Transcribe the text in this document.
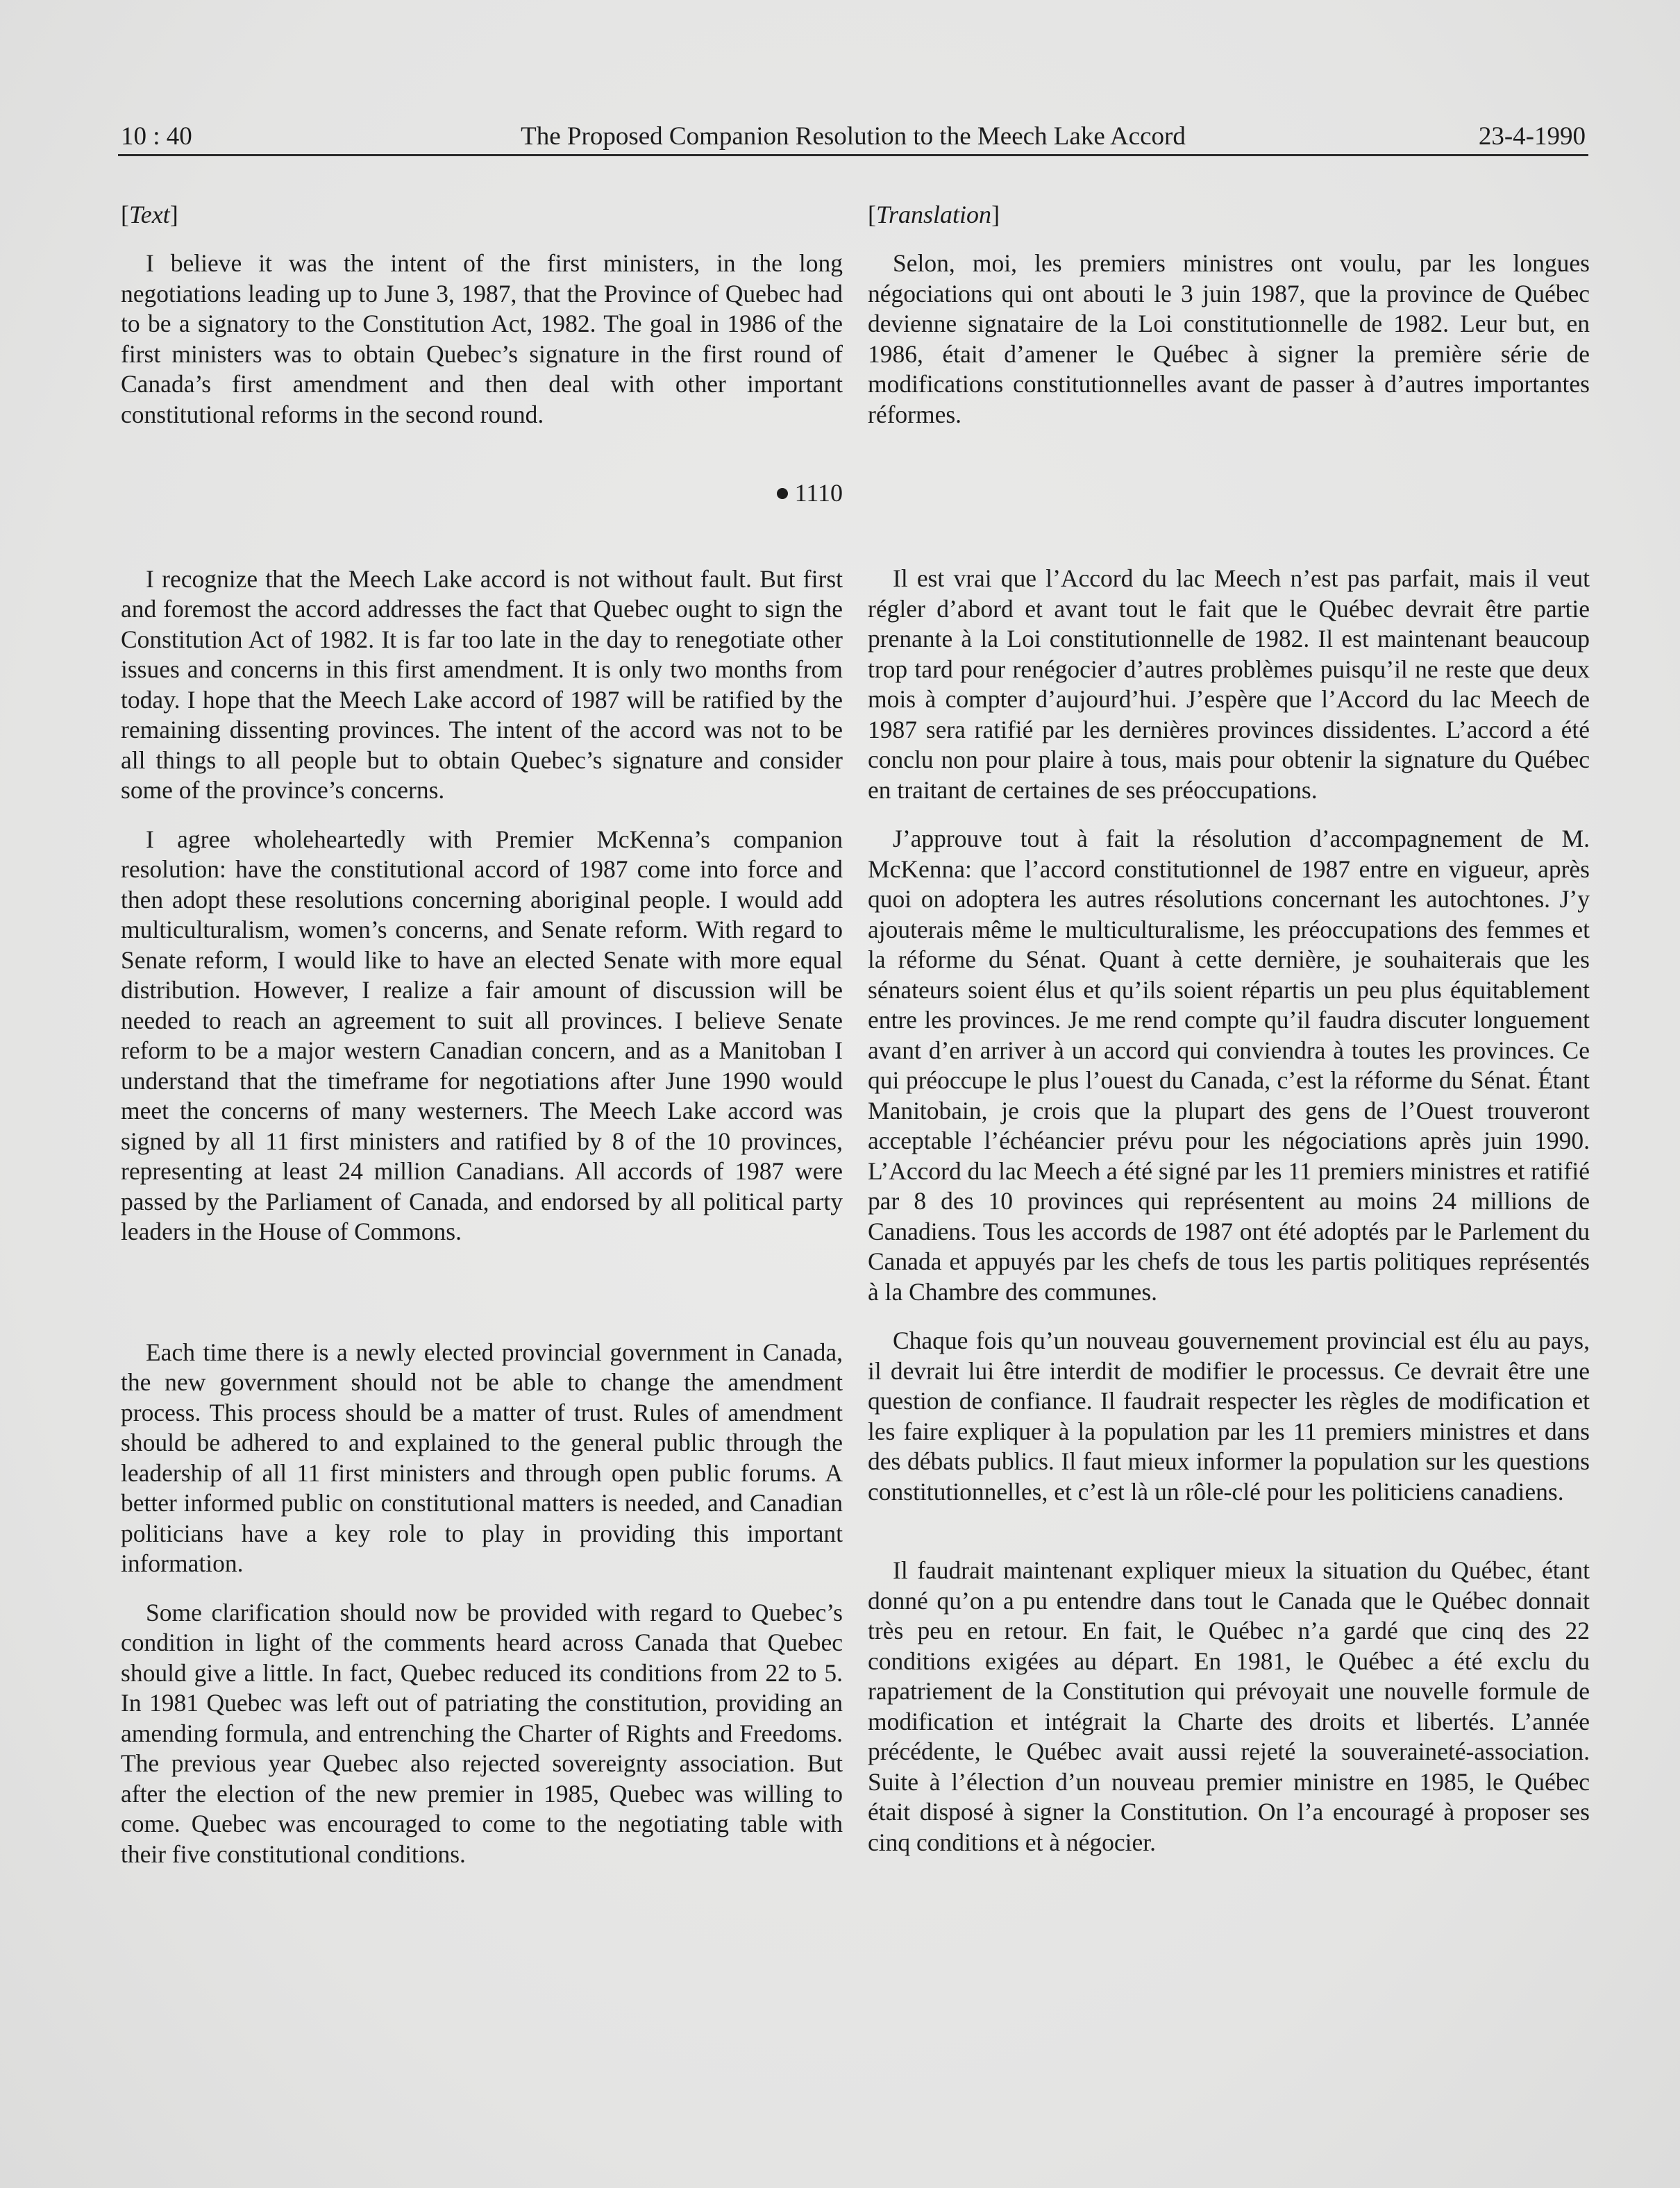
10 : 40	The Proposed Companion Resolution to the Meech Lake Accord	23-4-1990
[Text]

I believe it was the intent of the first ministers, in the long negotiations leading up to June 3, 1987, that the Province of Quebec had to be a signatory to the Constitution Act, 1982. The goal in 1986 of the first ministers was to obtain Quebec’s signature in the first round of Canada’s first amendment and then deal with other important constitutional reforms in the second round.

1110

I recognize that the Meech Lake accord is not without fault. But first and foremost the accord addresses the fact that Quebec ought to sign the Constitution Act of 1982. It is far too late in the day to renegotiate other issues and concerns in this first amendment. It is only two months from today. I hope that the Meech Lake accord of 1987 will be ratified by the remaining dissenting provinces. The intent of the accord was not to be all things to all people but to obtain Quebec’s signature and consider some of the province’s concerns.

I agree wholeheartedly with Premier McKenna’s companion resolution: have the constitutional accord of 1987 come into force and then adopt these resolutions concerning aboriginal people. I would add multiculturalism, women’s concerns, and Senate reform. With regard to Senate reform, I would like to have an elected Senate with more equal distribution. However, I realize a fair amount of discussion will be needed to reach an agreement to suit all provinces. I believe Senate reform to be a major western Canadian concern, and as a Manitoban I understand that the timeframe for negotiations after June 1990 would meet the concerns of many westerners. The Meech Lake accord was signed by all 11 first ministers and ratified by 8 of the 10 provinces, representing at least 24 million Canadians. All accords of 1987 were passed by the Parliament of Canada, and endorsed by all political party leaders in the House of Commons.

Each time there is a newly elected provincial government in Canada, the new government should not be able to change the amendment process. This process should be a matter of trust. Rules of amendment should be adhered to and explained to the general public through the leadership of all 11 first ministers and through open public forums. A better informed public on constitutional matters is needed, and Canadian politicians have a key role to play in providing this important information.

Some clarification should now be provided with regard to Quebec’s condition in light of the comments heard across Canada that Quebec should give a little. In fact, Quebec reduced its conditions from 22 to 5. In 1981 Quebec was left out of patriating the constitution, providing an amending formula, and entrenching the Charter of Rights and Freedoms. The previous year Quebec also rejected sovereignty association. But after the election of the new premier in 1985, Quebec was willing to come. Quebec was encouraged to come to the negotiating table with their five constitutional conditions.

[Translation]

Selon, moi, les premiers ministres ont voulu, par les longues négociations qui ont abouti le 3 juin 1987, que la province de Québec devienne signataire de la Loi constitutionnelle de 1982. Leur but, en 1986, était d’amener le Québec à signer la première série de modifications constitutionnelles avant de passer à d’autres importantes réformes.

Il est vrai que l’Accord du lac Meech n’est pas parfait, mais il veut régler d’abord et avant tout le fait que le Québec devrait être partie prenante à la Loi constitutionnelle de 1982. Il est maintenant beaucoup trop tard pour renégocier d’autres problèmes puisqu’il ne reste que deux mois à compter d’aujourd’hui. J’espère que l’Accord du lac Meech de 1987 sera ratifié par les dernières provinces dissidentes. L’accord a été conclu non pour plaire à tous, mais pour obtenir la signature du Québec en traitant de certaines de ses préoccupations.

J’approuve tout à fait la résolution d’accompagnement de M. McKenna: que l’accord constitutionnel de 1987 entre en vigueur, après quoi on adoptera les autres résolutions concernant les autochtones. J’y ajouterais même le multiculturalisme, les préoccupations des femmes et la réforme du Sénat. Quant à cette dernière, je souhaiterais que les sénateurs soient élus et qu’ils soient répartis un peu plus équitablement entre les provinces. Je me rend compte qu’il faudra discuter longuement avant d’en arriver à un accord qui conviendra à toutes les provinces. Ce qui préoccupe le plus l’ouest du Canada, c’est la réforme du Sénat. Étant Manitobain, je crois que la plupart des gens de l’Ouest trouveront acceptable l’échéancier prévu pour les négociations après juin 1990. L’Accord du lac Meech a été signé par les 11 premiers ministres et ratifié par 8 des 10 provinces qui représentent au moins 24 millions de Canadiens. Tous les accords de 1987 ont été adoptés par le Parlement du Canada et appuyés par les chefs de tous les partis politiques représentés à la Chambre des communes.

Chaque fois qu’un nouveau gouvernement provincial est élu au pays, il devrait lui être interdit de modifier le processus. Ce devrait être une question de confiance. Il faudrait respecter les règles de modification et les faire expliquer à la population par les 11 premiers ministres et dans des débats publics. Il faut mieux informer la population sur les questions constitutionnelles, et c’est là un rôle-clé pour les politiciens canadiens.

Il faudrait maintenant expliquer mieux la situation du Québec, étant donné qu’on a pu entendre dans tout le Canada que le Québec donnait très peu en retour. En fait, le Québec n’a gardé que cinq des 22 conditions exigées au départ. En 1981, le Québec a été exclu du rapatriement de la Constitution qui prévoyait une nouvelle formule de modification et intégrait la Charte des droits et libertés. L’année précédente, le Québec avait aussi rejeté la souveraineté-association. Suite à l’élection d’un nouveau premier ministre en 1985, le Québec était disposé à signer la Constitution. On l’a encouragé à proposer ses cinq conditions et à négocier.
